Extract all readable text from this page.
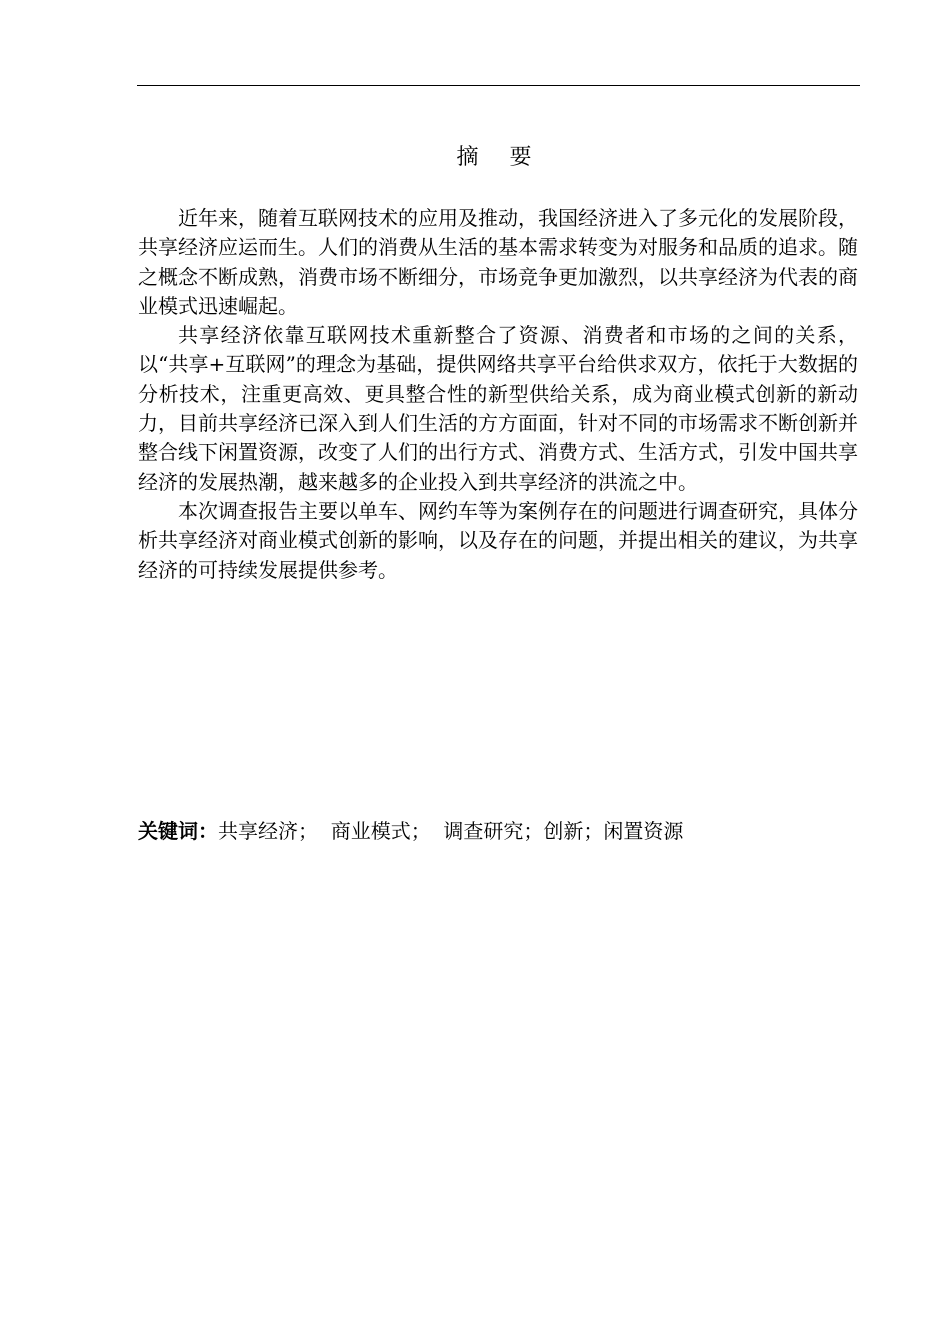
摘 要

近年来，随着互联网技术的应用及推动，我国经济进入了多元化的发展阶段，共享经济应运而生。人们的消费从生活的基本需求转变为对服务和品质的追求。随之概念不断成熟，消费市场不断细分，市场竞争更加激烈，以共享经济为代表的商业模式迅速崛起。

共享经济依靠互联网技术重新整合了资源、消费者和市场的之间的关系，以“共享+互联网”的理念为基础，提供网络共享平台给供求双方，依托于大数据的分析技术，注重更高效、更具整合性的新型供给关系，成为商业模式创新的新动力，目前共享经济已深入到人们生活的方方面面，针对不同的市场需求不断创新并整合线下闲置资源，改变了人们的出行方式、消费方式、生活方式，引发中国共享经济的发展热潮，越来越多的企业投入到共享经济的洪流之中。

本次调查报告主要以单车、网约车等为案例存在的问题进行调查研究，具体分析共享经济对商业模式创新的影响，以及存在的问题，并提出相关的建议，为共享经济的可持续发展提供参考。

关键词：共享经济；  商业模式；  调查研究；创新；闲置资源
